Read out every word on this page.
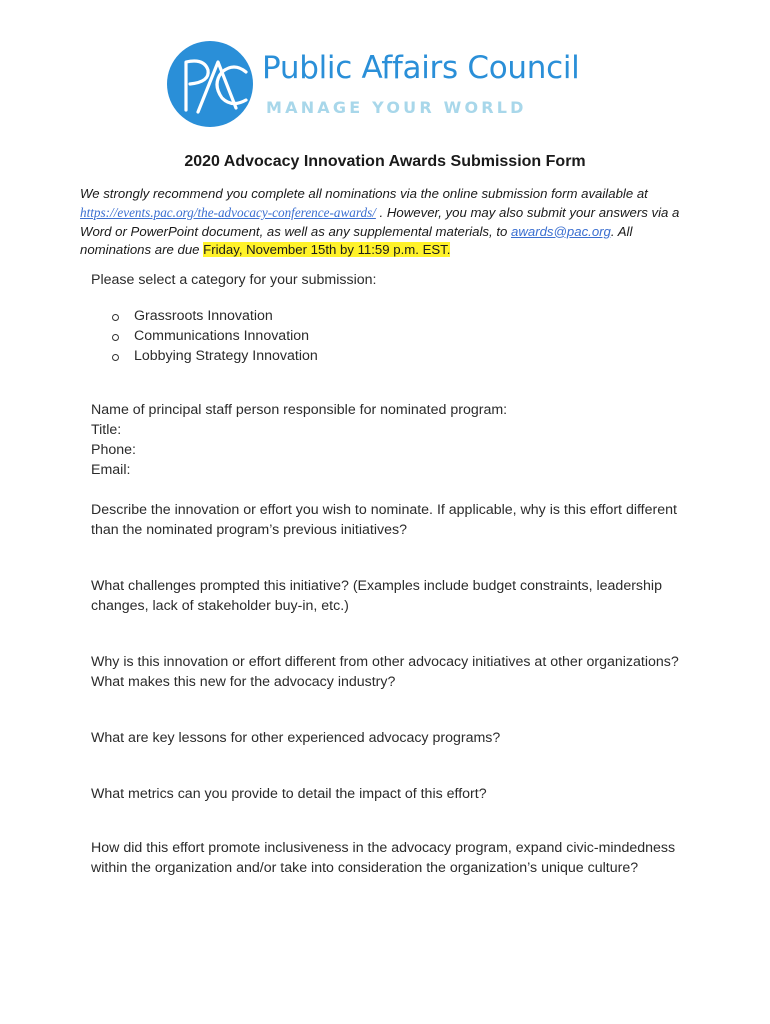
Public Affairs Council
MANAGE YOUR WORLD
2020 Advocacy Innovation Awards Submission Form

We strongly recommend you complete all nominations via the online submission form available at https://events.pac.org/the-advocacy-conference-awards/ . However, you may also submit your answers via a Word or PowerPoint document, as well as any supplemental materials, to awards@pac.org. All nominations are due Friday, November 15th by 11:59 p.m. EST.

Please select a category for your submission:

Grassroots Innovation
Communications Innovation
Lobbying Strategy Innovation
Name of principal staff person responsible for nominated program:
Title:
Phone:
Email:

Describe the innovation or effort you wish to nominate. If applicable, why is this effort different than the nominated program’s previous initiatives?

What challenges prompted this initiative? (Examples include budget constraints, leadership changes, lack of stakeholder buy-in, etc.)

Why is this innovation or effort different from other advocacy initiatives at other organizations? What makes this new for the advocacy industry?

What are key lessons for other experienced advocacy programs?

What metrics can you provide to detail the impact of this effort?

How did this effort promote inclusiveness in the advocacy program, expand civic-mindedness within the organization and/or take into consideration the organization’s unique culture?
